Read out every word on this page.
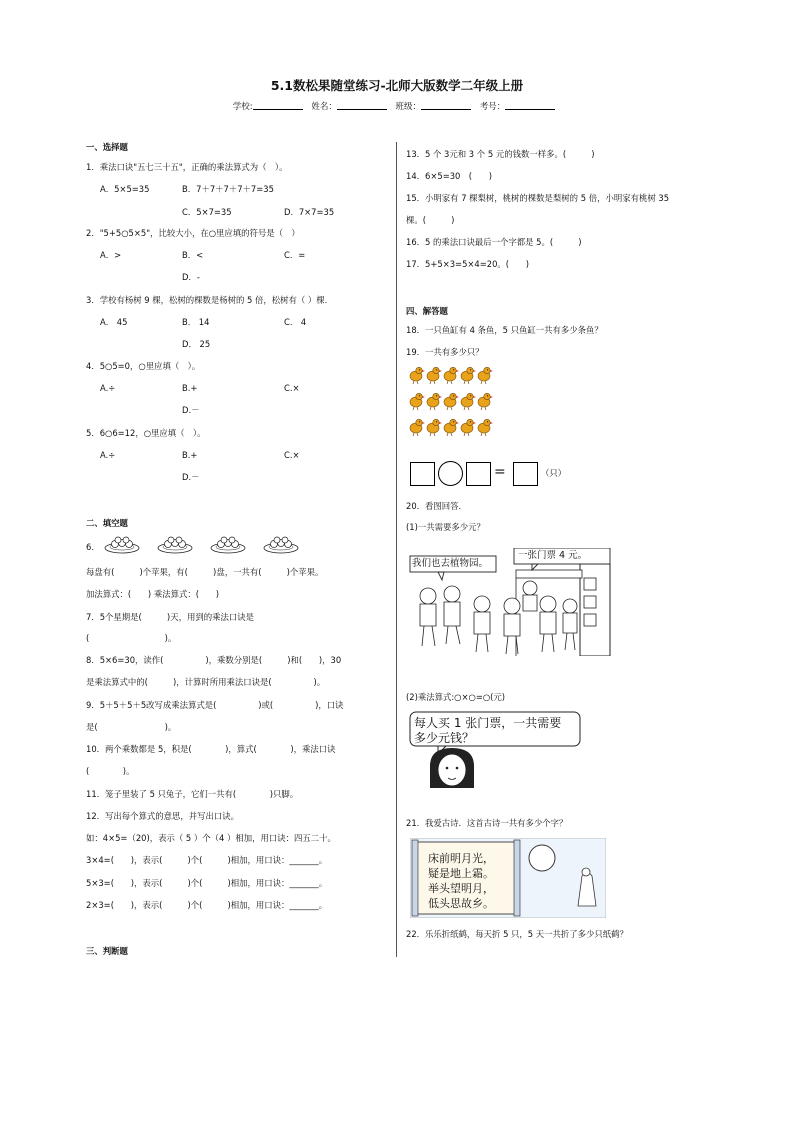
5.1数松果随堂练习-北师大版数学二年级上册
学校:	姓名：	班级：	考号：
一、选择题
1．乘法口诀"五七三十五"，正确的乘法算式为（　）。
A．5×5=35	B．7＋7＋7＋7＋7=35
C．5×7=35	D．7×7=35
2．"5+5○5×5"，比较大小，在○里应填的符号是（　）
A．>	B．<	C．=
D．-
3．学校有杨树 9 棵，松树的棵数是杨树的 5 倍，松树有（ ）棵．
A． 45	B． 14	C． 4
D． 25
4．5○5=0，○里应填（　）。
A.÷	B.+	C.×
D.－
5．6○6=12，○里应填（　）。
A.÷	B.+	C.×
D.－
二、填空题
6．
每盘有(　　　)个苹果，有(　　　)盘，一共有(　　　)个苹果。
加法算式：(　　) 乘法算式：(　　)
7．5个星期是(　　　)天，用到的乘法口诀是
(　　　　　　　　　)。
8．5×6=30，读作(　　　　　)，乘数分别是(　　　)和(　　)，30
是乘法算式中的(　　　)，计算时所用乘法口诀是(　　　　　)。
9．5＋5＋5＋5改写成乘法算式是(　　　　　)或(　　　　　)，口诀
是(　　　　　　　　)。
10．两个乘数都是 5，积是(　　　　)，算式(　　　　)，乘法口诀
(　　　　)。
11．笼子里装了 5 只兔子，它们一共有(　　　　)只脚。
12．写出每个算式的意思，并写出口诀。
如：4×5=（20)，表示（ 5 ）个（4 ）相加，用口诀：四五二十。
3×4=(　　)，表示(　　　)个(　　　)相加，用口诀：_______。
5×3=(　　)，表示(　　　)个(　　　)相加，用口诀：_______。
2×3=(　　)，表示(　　　)个(　　　)相加，用口诀：_______。
三、判断题
13．5 个 3元和 3 个 5 元的钱数一样多。(　　　)
14．6×5=30　(　　)
15．小明家有 7 棵梨树，桃树的棵数是梨树的 5 倍，小明家有桃树 35
棵。(　　　)
16．5 的乘法口诀最后一个字都是 5。(　　　)
17．5+5×3=5×4=20。(　　)
四、解答题
18．一只鱼缸有 4 条鱼，5 只鱼缸一共有多少条鱼？
19．一共有多少只？
=	（只）
20．看图回答．
(1)一共需要多少元？
我们也去植物园。
一张门票 4 元。
(2)乘法算式:○×○=○(元)
每人买 1 张门票，一共需要
多少元钱？
21．我爱古诗．这首古诗一共有多少个字？
床前明月光，
疑是地上霜。
举头望明月，
低头思故乡。
22．乐乐折纸鹤，每天折 5 只，5 天一共折了多少只纸鹤？
